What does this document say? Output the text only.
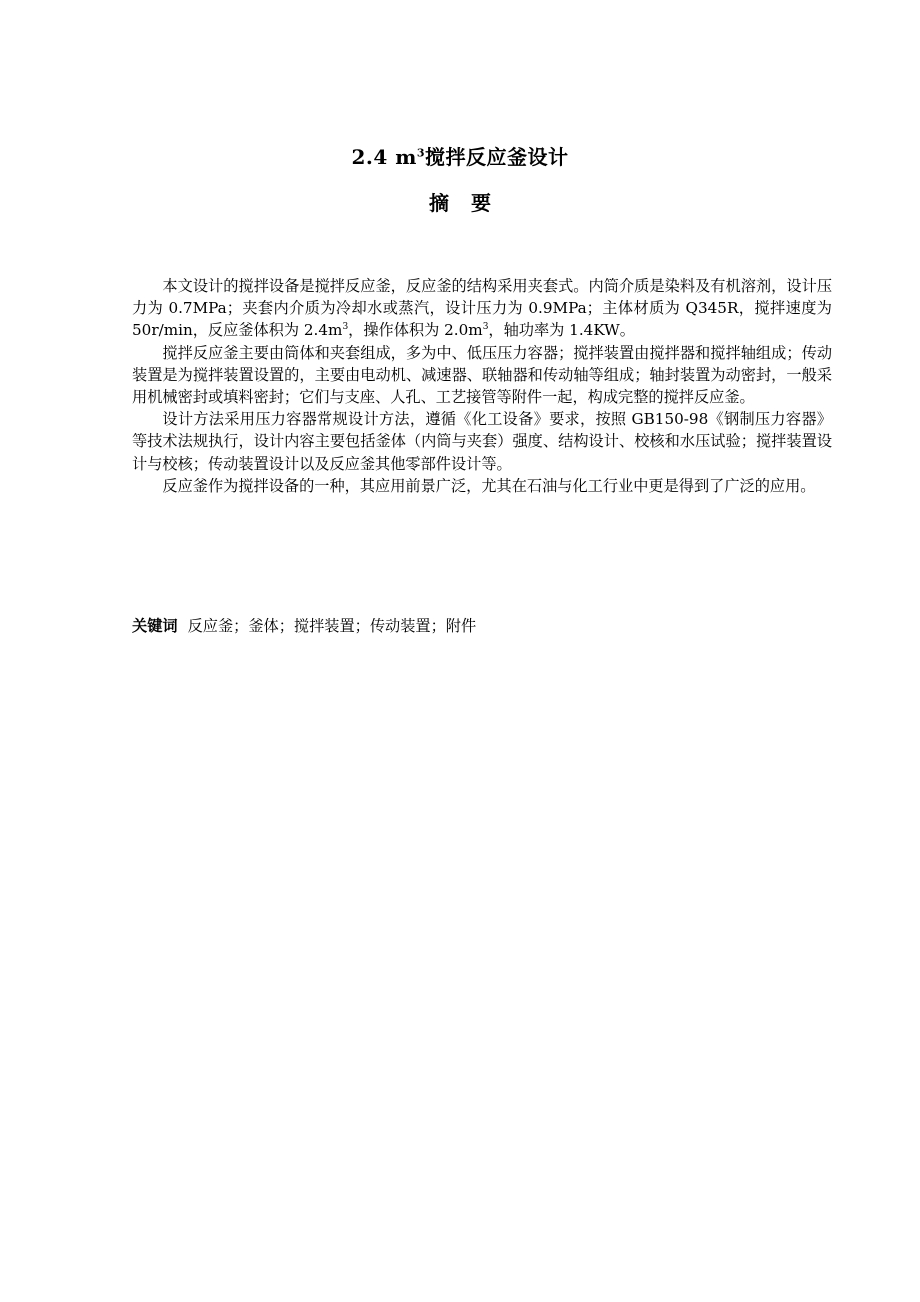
2.4 $m^3$搅拌反应釜设计
摘要

本文设计的搅拌设备是搅拌反应釜，反应釜的结构采用夹套式。内筒介质是染料及有机溶剂，设计压力为 0.7MPa；夹套内介质为冷却水或蒸汽，设计压力为 0.9MPa；主体材质为 Q345R，搅拌速度为 50r/min，反应釜体积为 $2.4m^3$，操作体积为 $2.0m^3$，轴功率为 1.4KW。

搅拌反应釜主要由筒体和夹套组成，多为中、低压压力容器；搅拌装置由搅拌器和搅拌轴组成；传动装置是为搅拌装置设置的，主要由电动机、减速器、联轴器和传动轴等组成；轴封装置为动密封，一般采用机械密封或填料密封；它们与支座、人孔、工艺接管等附件一起，构成完整的搅拌反应釜。

设计方法采用压力容器常规设计方法，遵循《化工设备》要求，按照 GB150-98《钢制压力容器》等技术法规执行，设计内容主要包括釜体（内筒与夹套）强度、结构设计、校核和水压试验；搅拌装置设计与校核；传动装置设计以及反应釜其他零部件设计等。

反应釜作为搅拌设备的一种，其应用前景广泛，尤其在石油与化工行业中更是得到了广泛的应用。

关键词 反应釜；釜体；搅拌装置；传动装置；附件
